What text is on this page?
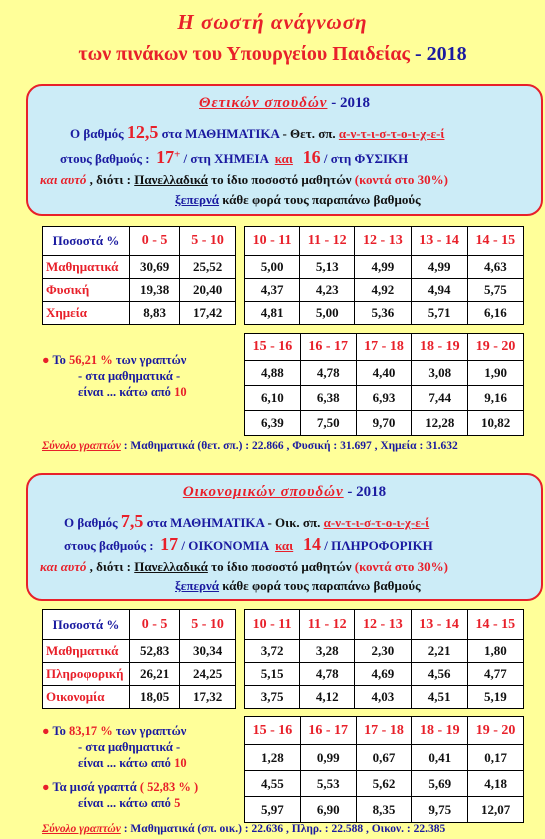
Η σωστή ανάγνωση
των πινάκων του Υπουργείου Παιδείας - 2018
Θετικών σπουδών - 2018
Ο βαθμός 12,5 στα ΜΑΘΗΜΑΤΙΚΑ - Θετ. σπ. α-ν-τ-ι-σ-τ-ο-ι-χ-ε-ί
στους βαθμούς :  17+ / στη ΧΗΜΕΙΑ  και 16 / στη ΦΥΣΙΚΗ
και αυτό , διότι : Πανελλαδικά το ίδιο ποσοστό μαθητών (κοντά στο 30%)
ξεπερνά κάθε φορά τους παραπάνω βαθμούς
Ποσοστά %	0 - 5	5 - 10
Μαθηματικά	30,69	25,52
Φυσική	19,38	20,40
Χημεία	8,83	17,42
10 - 11	11 - 12	12 - 13	13 - 14	14 - 15
5,00	5,13	4,99	4,99	4,63
4,37	4,23	4,92	4,94	5,75
4,81	5,00	5,36	5,71	6,16
15 - 16	16 - 17	17 - 18	18 - 19	19 - 20
4,88	4,78	4,40	3,08	1,90
6,10	6,38	6,93	7,44	9,16
6,39	7,50	9,70	12,28	10,82
● Το 56,21 % των γραπτών
- στα μαθηματικά -
είναι ... κάτω από 10
Σύνολο γραπτών : Μαθηματικά (θετ. σπ.) : 22.866 , Φυσική : 31.697 , Χημεία : 31.632
Οικονομικών σπουδών - 2018
Ο βαθμός 7,5 στα ΜΑΘΗΜΑΤΙΚΑ - Οικ. σπ. α-ν-τ-ι-σ-τ-ο-ι-χ-ε-ί
στους βαθμούς :  17 / ΟΙΚΟΝΟΜΙΑ  και 14 / ΠΛΗΡΟΦΟΡΙΚΗ
και αυτό , διότι : Πανελλαδικά το ίδιο ποσοστό μαθητών (κοντά στο 30%)
ξεπερνά κάθε φορά τους παραπάνω βαθμούς
Ποσοστά %	0 - 5	5 - 10
Μαθηματικά	52,83	30,34
Πληροφορική	26,21	24,25
Οικονομία	18,05	17,32
10 - 11	11 - 12	12 - 13	13 - 14	14 - 15
3,72	3,28	2,30	2,21	1,80
5,15	4,78	4,69	4,56	4,77
3,75	4,12	4,03	4,51	5,19
15 - 16	16 - 17	17 - 18	18 - 19	19 - 20
1,28	0,99	0,67	0,41	0,17
4,55	5,53	5,62	5,69	4,18
5,97	6,90	8,35	9,75	12,07
● Το 83,17 % των γραπτών
- στα μαθηματικά -
είναι ... κάτω από 10
● Τα μισά γραπτά ( 52,83 % )
είναι ... κάτω από 5
Σύνολο γραπτών : Μαθηματικά (σπ. οικ.) : 22.636 , Πληρ. : 22.588 , Οικον. : 22.385
